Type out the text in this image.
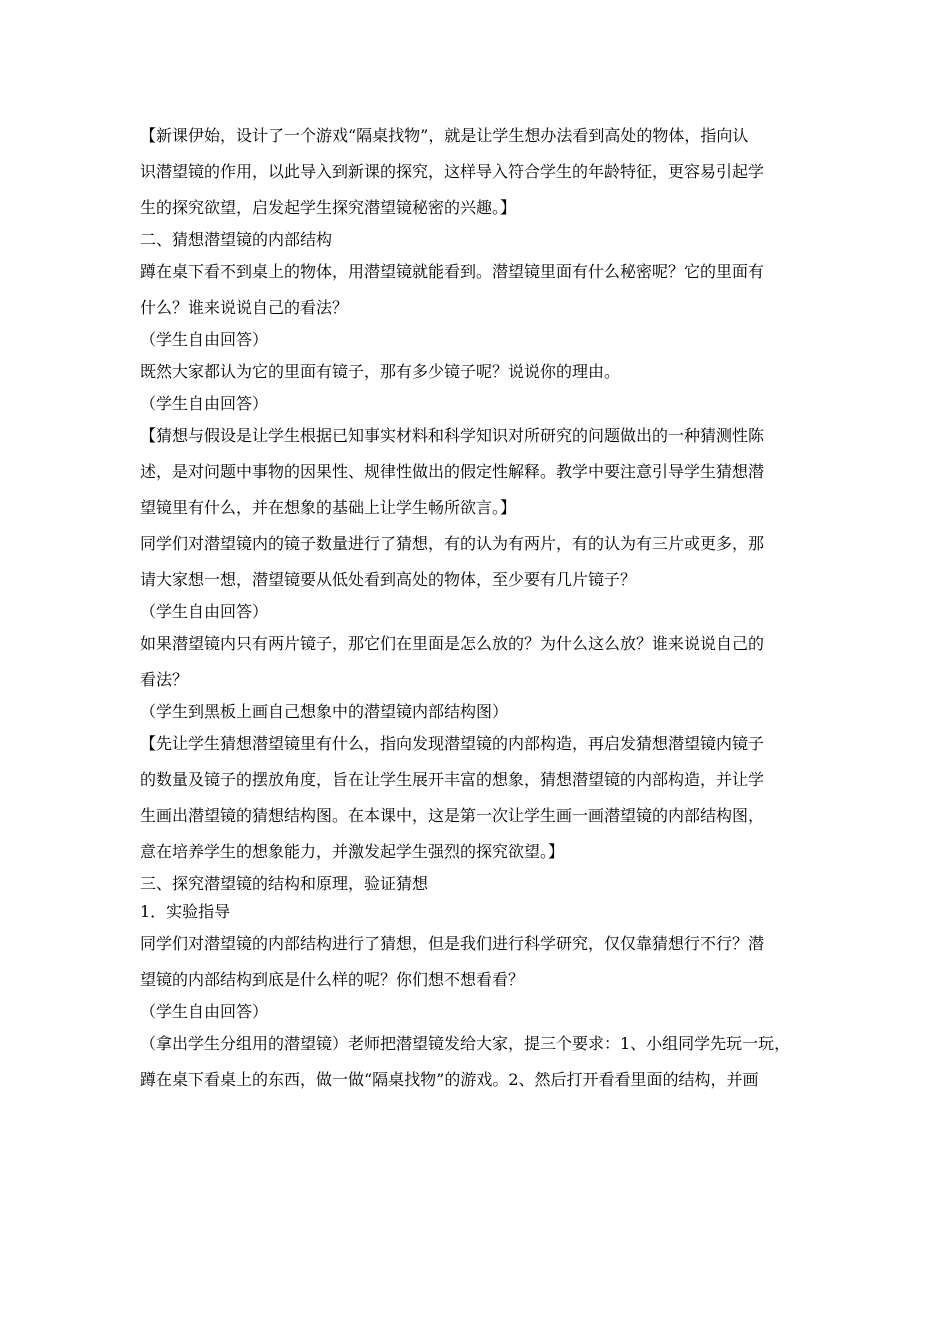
【新课伊始，设计了一个游戏“隔桌找物”，就是让学生想办法看到高处的物体，指向认
识潜望镜的作用，以此导入到新课的探究，这样导入符合学生的年龄特征，更容易引起学
生的探究欲望，启发起学生探究潜望镜秘密的兴趣。】
二、猜想潜望镜的内部结构
蹲在桌下看不到桌上的物体，用潜望镜就能看到。潜望镜里面有什么秘密呢？它的里面有
什么？谁来说说自己的看法？
（学生自由回答）
既然大家都认为它的里面有镜子，那有多少镜子呢？说说你的理由。
（学生自由回答）
【猜想与假设是让学生根据已知事实材料和科学知识对所研究的问题做出的一种猜测性陈
述，是对问题中事物的因果性、规律性做出的假定性解释。教学中要注意引导学生猜想潜
望镜里有什么，并在想象的基础上让学生畅所欲言。】
同学们对潜望镜内的镜子数量进行了猜想，有的认为有两片，有的认为有三片或更多，那
请大家想一想，潜望镜要从低处看到高处的物体，至少要有几片镜子？
（学生自由回答）
如果潜望镜内只有两片镜子，那它们在里面是怎么放的？为什么这么放？谁来说说自己的
看法？
（学生到黑板上画自己想象中的潜望镜内部结构图）
【先让学生猜想潜望镜里有什么，指向发现潜望镜的内部构造，再启发猜想潜望镜内镜子
的数量及镜子的摆放角度，旨在让学生展开丰富的想象，猜想潜望镜的内部构造，并让学
生画出潜望镜的猜想结构图。在本课中，这是第一次让学生画一画潜望镜的内部结构图，
意在培养学生的想象能力，并激发起学生强烈的探究欲望。】
三、探究潜望镜的结构和原理，验证猜想
1．实验指导
同学们对潜望镜的内部结构进行了猜想，但是我们进行科学研究，仅仅靠猜想行不行？潜
望镜的内部结构到底是什么样的呢？你们想不想看看？
（学生自由回答）
（拿出学生分组用的潜望镜）老师把潜望镜发给大家，提三个要求：1、小组同学先玩一玩，
蹲在桌下看桌上的东西，做一做“隔桌找物”的游戏。2、然后打开看看里面的结构，并画
